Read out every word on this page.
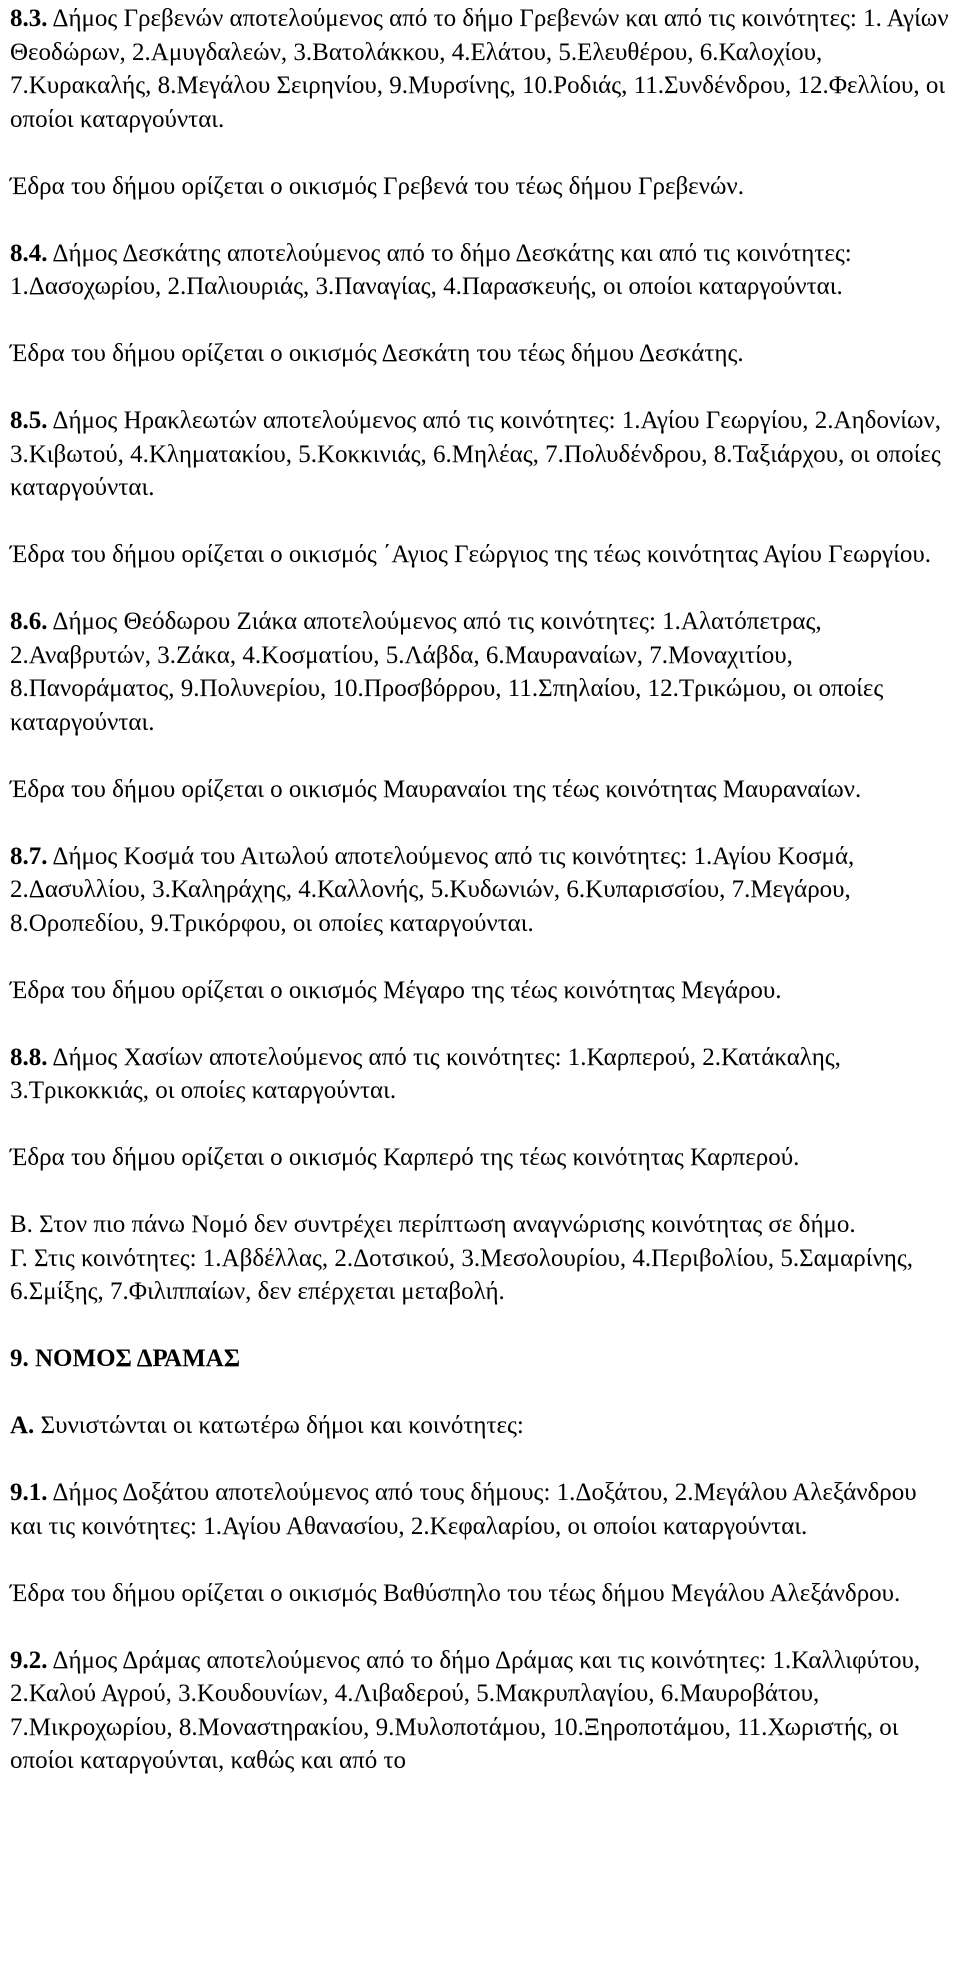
8.3. Δήμος Γρεβενών αποτελούμενος από το δήμο Γρεβενών και από τις κοινότητες: 1. Αγίων Θεοδώρων, 2.Αμυγδαλεών, 3.Βατολάκκου, 4.Ελάτου, 5.Ελευθέρου, 6.Καλοχίου, 7.Κυρακαλής, 8.Μεγάλου Σειρηνίου, 9.Μυρσίνης, 10.Ροδιάς, 11.Συνδένδρου, 12.Φελλίου, οι οποίοι καταργούνται.

Έδρα του δήμου ορίζεται ο οικισμός Γρεβενά του τέως δήμου Γρεβενών.

8.4. Δήμος Δεσκάτης αποτελούμενος από το δήμο Δεσκάτης και από τις κοινότητες: 1.Δασοχωρίου, 2.Παλιουριάς, 3.Παναγίας, 4.Παρασκευής, οι οποίοι καταργούνται.

Έδρα του δήμου ορίζεται ο οικισμός Δεσκάτη του τέως δήμου Δεσκάτης.

8.5. Δήμος Ηρακλεωτών αποτελούμενος από τις κοινότητες: 1.Αγίου Γεωργίου, 2.Αηδονίων, 3.Κιβωτού, 4.Κληματακίου, 5.Κοκκινιάς, 6.Μηλέας, 7.Πολυδένδρου, 8.Ταξιάρχου, οι οποίες καταργούνται.

Έδρα του δήμου ορίζεται ο οικισμός ΄Αγιος Γεώργιος της τέως κοινότητας Αγίου Γεωργίου.

8.6. Δήμος Θεόδωρου Ζιάκα αποτελούμενος από τις κοινότητες: 1.Αλατόπετρας, 2.Αναβρυτών, 3.Ζάκα, 4.Κοσματίου, 5.Λάβδα, 6.Μαυραναίων, 7.Μοναχιτίου, 8.Πανοράματος, 9.Πολυνερίου, 10.Προσβόρρου, 11.Σπηλαίου, 12.Τρικώμου, οι οποίες καταργούνται.

Έδρα του δήμου ορίζεται ο οικισμός Μαυραναίοι της τέως κοινότητας Μαυραναίων.

8.7. Δήμος Κοσμά του Αιτωλού αποτελούμενος από τις κοινότητες: 1.Αγίου Κοσμά, 2.Δασυλλίου, 3.Καληράχης, 4.Καλλονής, 5.Κυδωνιών, 6.Κυπαρισσίου, 7.Μεγάρου, 8.Οροπεδίου, 9.Τρικόρφου, οι οποίες καταργούνται.

Έδρα του δήμου ορίζεται ο οικισμός Μέγαρο της τέως κοινότητας Μεγάρου.

8.8. Δήμος Χασίων αποτελούμενος από τις κοινότητες: 1.Καρπερού, 2.Κατάκαλης, 3.Τρικοκκιάς, οι οποίες καταργούνται.

Έδρα του δήμου ορίζεται ο οικισμός Καρπερό της τέως κοινότητας Καρπερού.

Β. Στον πιο πάνω Νομό δεν συντρέχει περίπτωση αναγνώρισης κοινότητας σε δήμο.

Γ. Στις κοινότητες: 1.Αβδέλλας, 2.Δοτσικού, 3.Μεσολουρίου, 4.Περιβολίου, 5.Σαμαρίνης, 6.Σμίξης, 7.Φιλιππαίων, δεν επέρχεται μεταβολή.

9. ΝΟΜΟΣ ΔΡΑΜΑΣ

Α. Συνιστώνται οι κατωτέρω δήμοι και κοινότητες:

9.1. Δήμος Δοξάτου αποτελούμενος από τους δήμους: 1.Δοξάτου, 2.Μεγάλου Αλεξάνδρου και τις κοινότητες: 1.Αγίου Αθανασίου, 2.Κεφαλαρίου, οι οποίοι καταργούνται.

Έδρα του δήμου ορίζεται ο οικισμός Βαθύσπηλο του τέως δήμου Μεγάλου Αλεξάνδρου.

9.2. Δήμος Δράμας αποτελούμενος από το δήμο Δράμας και τις κοινότητες: 1.Καλλιφύτου, 2.Καλού Αγρού, 3.Κουδουνίων, 4.Λιβαδερού, 5.Μακρυπλαγίου, 6.Μαυροβάτου, 7.Μικροχωρίου, 8.Μοναστηρακίου, 9.Μυλοποτάμου, 10.Ξηροποτάμου, 11.Χωριστής, οι οποίοι καταργούνται, καθώς και από το
